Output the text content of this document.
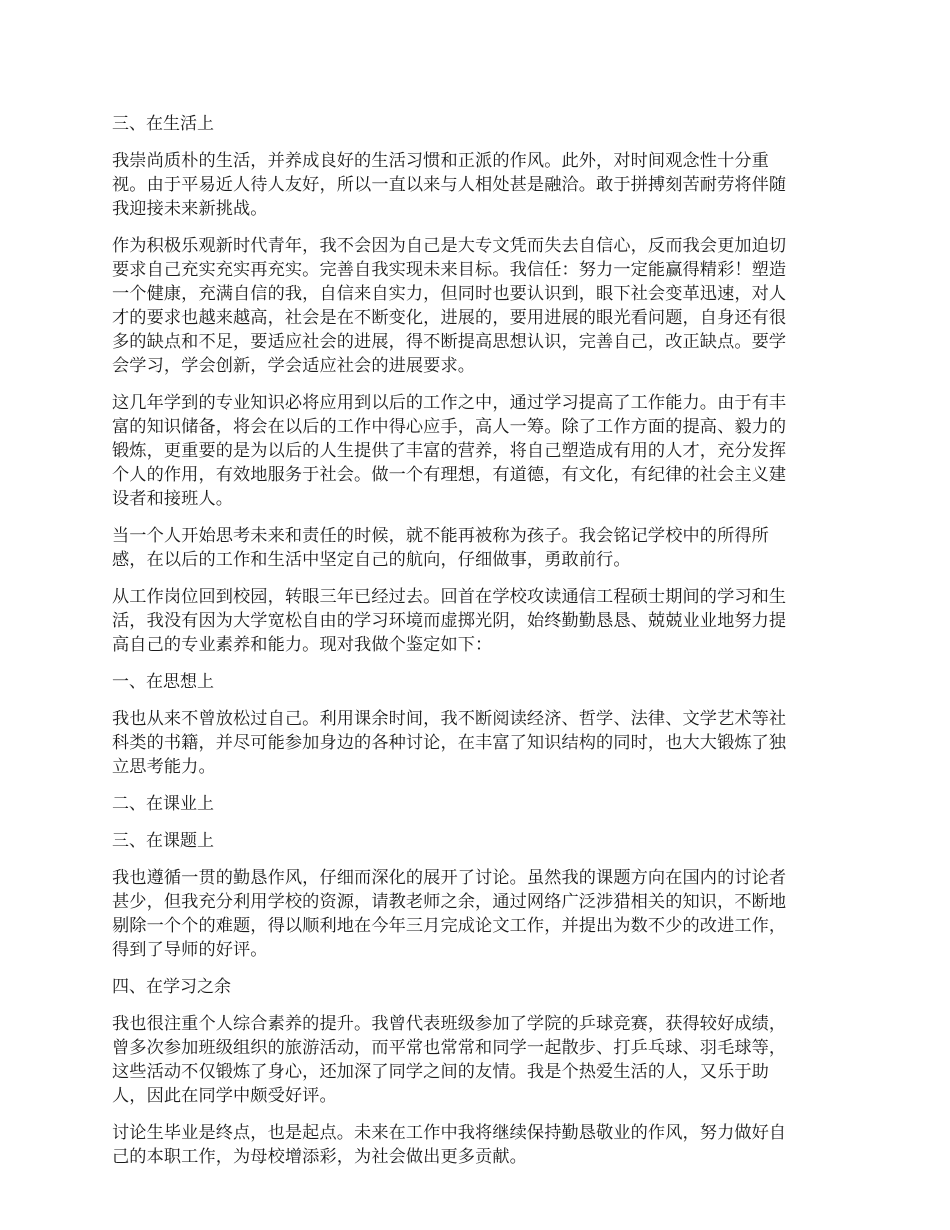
三、在生活上
我崇尚质朴的生活，并养成良好的生活习惯和正派的作风。此外，对时间观念性十分重
视。由于平易近人待人友好，所以一直以来与人相处甚是融洽。敢于拼搏刻苦耐劳将伴随
我迎接未来新挑战。
作为积极乐观新时代青年，我不会因为自己是大专文凭而失去自信心，反而我会更加迫切
要求自己充实充实再充实。完善自我实现未来目标。我信任：努力一定能赢得精彩！塑造
一个健康，充满自信的我，自信来自实力，但同时也要认识到，眼下社会变革迅速，对人
才的要求也越来越高，社会是在不断变化，进展的，要用进展的眼光看问题，自身还有很
多的缺点和不足，要适应社会的进展，得不断提高思想认识，完善自己，改正缺点。要学
会学习，学会创新，学会适应社会的进展要求。
这几年学到的专业知识必将应用到以后的工作之中，通过学习提高了工作能力。由于有丰
富的知识储备，将会在以后的工作中得心应手，高人一筹。除了工作方面的提高、毅力的
锻炼，更重要的是为以后的人生提供了丰富的营养，将自己塑造成有用的人才，充分发挥
个人的作用，有效地服务于社会。做一个有理想，有道德，有文化，有纪律的社会主义建
设者和接班人。
当一个人开始思考未来和责任的时候，就不能再被称为孩子。我会铭记学校中的所得所
感，在以后的工作和生活中坚定自己的航向，仔细做事，勇敢前行。
从工作岗位回到校园，转眼三年已经过去。回首在学校攻读通信工程硕士期间的学习和生
活，我没有因为大学宽松自由的学习环境而虚掷光阴，始终勤勤恳恳、兢兢业业地努力提
高自己的专业素养和能力。现对我做个鉴定如下：
一、在思想上
我也从来不曾放松过自己。利用课余时间，我不断阅读经济、哲学、法律、文学艺术等社
科类的书籍，并尽可能参加身边的各种讨论，在丰富了知识结构的同时，也大大锻炼了独
立思考能力。
二、在课业上
三、在课题上
我也遵循一贯的勤恳作风，仔细而深化的展开了讨论。虽然我的课题方向在国内的讨论者
甚少，但我充分利用学校的资源，请教老师之余，通过网络广泛涉猎相关的知识，不断地
剔除一个个的难题，得以顺利地在今年三月完成论文工作，并提出为数不少的改进工作，
得到了导师的好评。
四、在学习之余
我也很注重个人综合素养的提升。我曾代表班级参加了学院的乒球竞赛，获得较好成绩，
曾多次参加班级组织的旅游活动，而平常也常常和同学一起散步、打乒乓球、羽毛球等，
这些活动不仅锻炼了身心，还加深了同学之间的友情。我是个热爱生活的人，又乐于助
人，因此在同学中颇受好评。
讨论生毕业是终点，也是起点。未来在工作中我将继续保持勤恳敬业的作风，努力做好自
己的本职工作，为母校增添彩，为社会做出更多贡献。
